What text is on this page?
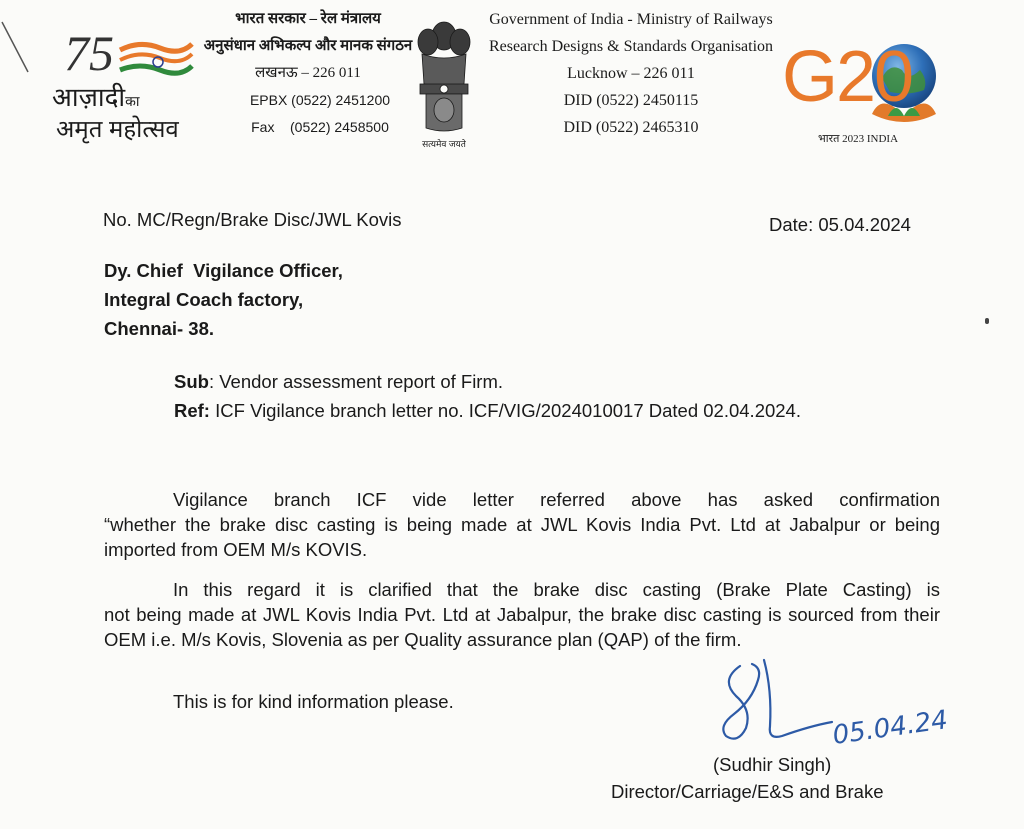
75
आज़ादीका
अमृत महोत्सव
भारत सरकार – रेल मंत्रालय
अनुसंधान अभिकल्प और मानक संगठन
लखनऊ – 226 011
EPBX (0522) 2451200
Fax    (0522) 2458500
सत्यमेव जयते
Government of India - Ministry of Railways
Research Designs & Standards Organisation
Lucknow – 226 011
DID (0522) 2450115
DID (0522) 2465310
G20
भारत 2023 INDIA
No. MC/Regn/Brake Disc/JWL Kovis	Date: 05.04.2024
Dy. Chief  Vigilance Officer,
Integral Coach factory,
Chennai- 38.
Sub: Vendor assessment report of Firm.
Ref: ICF Vigilance branch letter no. ICF/VIG/2024010017 Dated 02.04.2024.
Vigilance branch ICF vide letter referred above has asked confirmation
“whether the brake disc casting is being made at JWL Kovis India Pvt. Ltd at Jabalpur or being imported from OEM M/s KOVIS.
In this regard it is clarified that the brake disc casting (Brake Plate Casting) is
not being made at JWL Kovis India Pvt. Ltd at Jabalpur, the brake disc casting is sourced from their OEM i.e. M/s Kovis, Slovenia as per Quality assurance plan (QAP) of the firm.
This is for kind information please.
05.04.24
(Sudhir Singh)
Director/Carriage/E&S and Brake
